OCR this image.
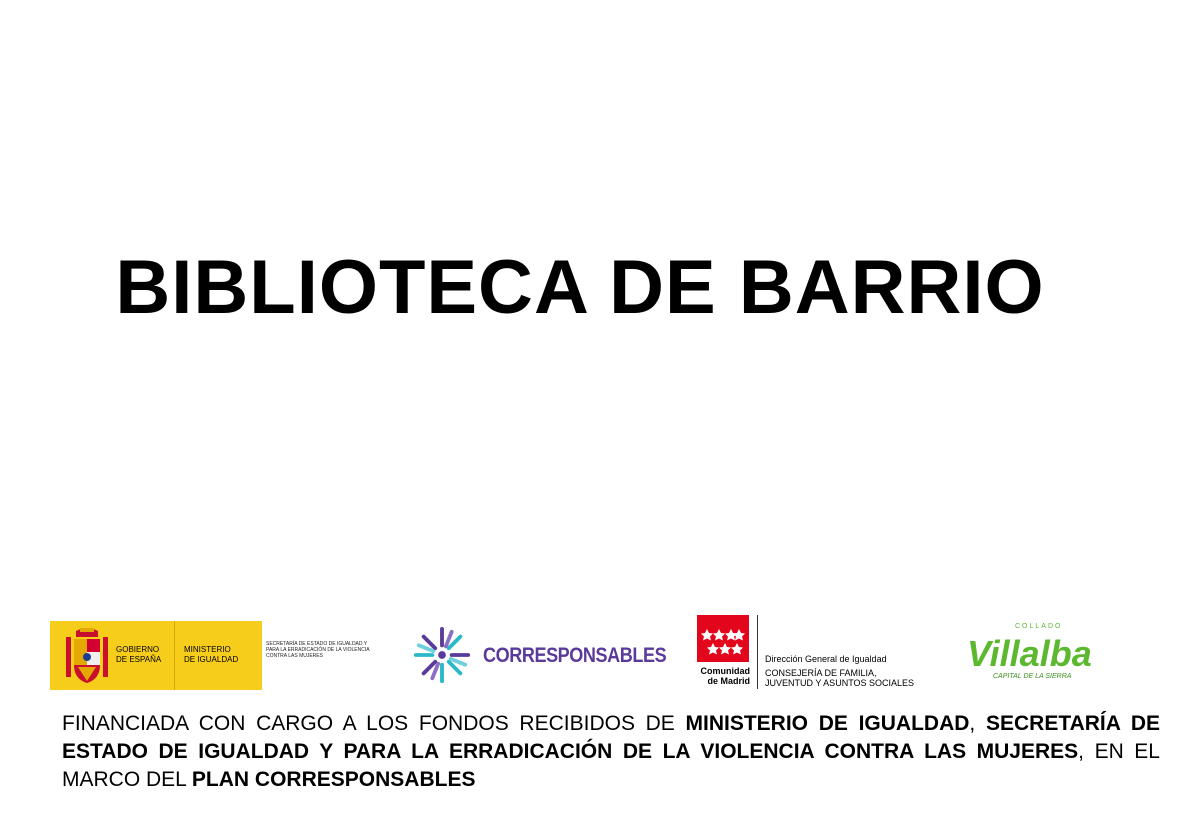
BIBLIOTECA DE BARRIO
GOBIERNO
DE ESPAÑA
MINISTERIO
DE IGUALDAD
SECRETARÍA DE ESTADO DE IGUALDAD Y PARA LA ERRADICACIÓN DE LA VIOLENCIA CONTRA LAS MUJERES	CORRESPONSABLES
Comunidad
de Madrid
Dirección General de Igualdad
CONSEJERÍA DE FAMILIA,
JUVENTUD Y ASUNTOS SOCIALES
COLLADO
Villalba
CAPITAL DE LA SIERRA
FINANCIADA CON CARGO A LOS FONDOS RECIBIDOS DE MINISTERIO DE IGUALDAD, SECRETARÍA DE ESTADO DE IGUALDAD Y PARA LA ERRADICACIÓN DE LA VIOLENCIA CONTRA LAS MUJERES, EN EL MARCO DEL PLAN CORRESPONSABLES
